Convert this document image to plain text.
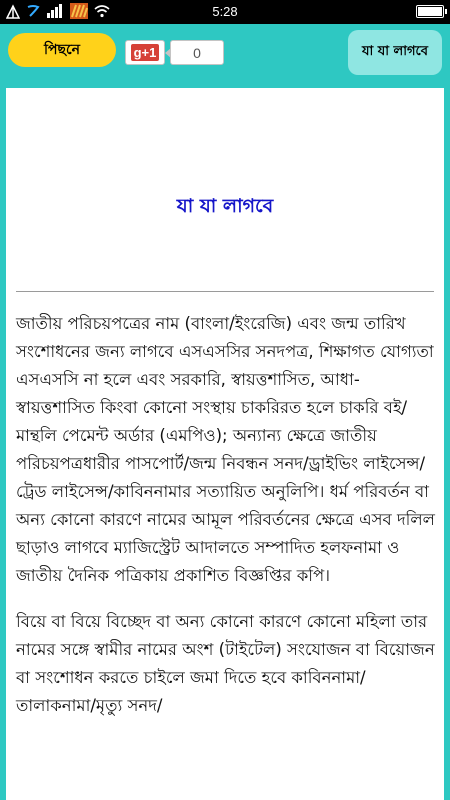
5:28
পিছনে	g+1	0	যা যা লাগবে
যা যা লাগবে

জাতীয় পরিচয়পত্রের নাম (বাংলা/ইংরেজি) এবং জন্ম তারিখ সংশোধনের জন্য লাগবে এসএসসির সনদপত্র, শিক্ষাগত যোগ্যতা এসএসসি না হলে এবং সরকারি, স্বায়ত্তশাসিত, আধা-স্বায়ত্তশাসিত কিংবা কোনো সংস্থায় চাকরিরত হলে চাকরি বই/মান্থলি পেমেন্ট অর্ডার (এমপিও); অন্যান্য ক্ষেত্রে জাতীয় পরিচয়পত্রধারীর পাসপোর্ট/জন্ম নিবন্ধন সনদ/ড্রাইভিং লাইসেন্স/ট্রেড লাইসেন্স/কাবিননামার সত্যায়িত অনুলিপি। ধর্ম পরিবর্তন বা অন্য কোনো কারণে নামের আমূল পরিবর্তনের ক্ষেত্রে এসব দলিল ছাড়াও লাগবে ম্যাজিস্ট্রেট আদালতে সম্পাদিত হলফনামা ও জাতীয় দৈনিক পত্রিকায় প্রকাশিত বিজ্ঞপ্তির কপি।

বিয়ে বা বিয়ে বিচ্ছেদ বা অন্য কোনো কারণে কোনো মহিলা তার নামের সঙ্গে স্বামীর নামের অংশ (টাইটেল) সংযোজন বা বিয়োজন বা সংশোধন করতে চাইলে জমা দিতে হবে কাবিননামা/তালাকনামা/মৃত্যু সনদ/
